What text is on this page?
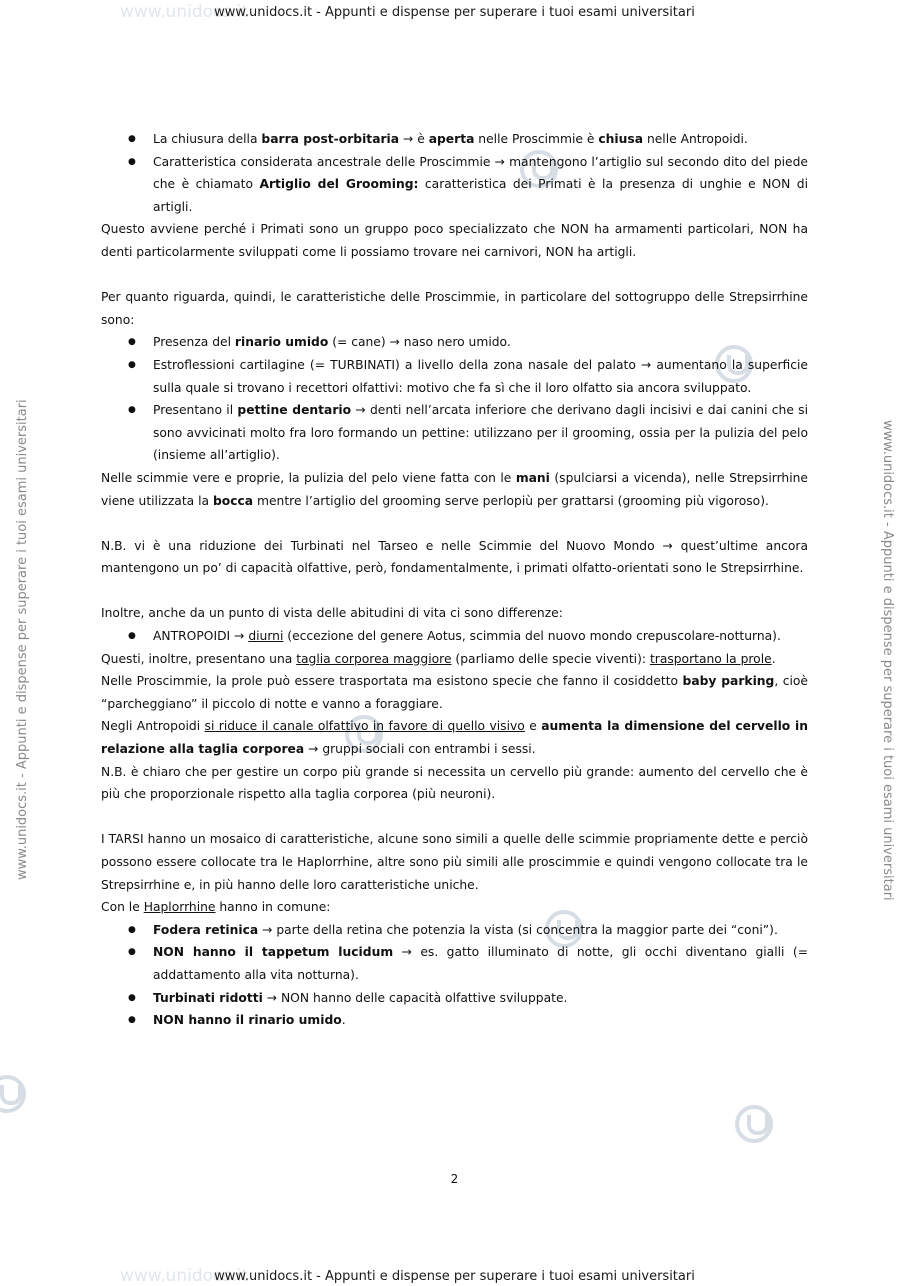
www.unidocs.it
www.unidocs.it
www.unidocs.it - Appunti e dispense per superare i tuoi esami universitari
www.unidocs.it - Appunti e dispense per superare i tuoi esami universitari
www.unidocs.it - Appunti e dispense per superare i tuoi esami universitari	www.unidocs.it - Appunti e dispense per superare i tuoi esami universitari
● La chiusura della barra post-orbitaria → è aperta nelle Proscimmie è chiusa nelle Antropoidi.
● Caratteristica considerata ancestrale delle Proscimmie → mantengono l’artiglio sul secondo dito del piede che è chiamato Artiglio del Grooming: caratteristica dei Primati è la presenza di unghie e NON di artigli.

Questo avviene perché i Primati sono un gruppo poco specializzato che NON ha armamenti particolari, NON ha denti particolarmente sviluppati come li possiamo trovare nei carnivori, NON ha artigli.

Per quanto riguarda, quindi, le caratteristiche delle Proscimmie, in particolare del sottogruppo delle Strepsirrhine sono:

● Presenza del rinario umido (= cane) → naso nero umido.
● Estroflessioni cartilagine (= TURBINATI) a livello della zona nasale del palato → aumentano la superficie sulla quale si trovano i recettori olfattivi: motivo che fa sì che il loro olfatto sia ancora sviluppato.
● Presentano il pettine dentario → denti nell’arcata inferiore che derivano dagli incisivi e dai canini che si sono avvicinati molto fra loro formando un pettine: utilizzano per il grooming, ossia per la pulizia del pelo (insieme all’artiglio).

Nelle scimmie vere e proprie, la pulizia del pelo viene fatta con le mani (spulciarsi a vicenda), nelle Strepsirrhine viene utilizzata la bocca mentre l’artiglio del grooming serve perlopiù per grattarsi (grooming più vigoroso).

N.B. vi è una riduzione dei Turbinati nel Tarseo e nelle Scimmie del Nuovo Mondo → quest’ultime ancora mantengono un po’ di capacità olfattive, però, fondamentalmente, i primati olfatto-orientati sono le Strepsirrhine.

Inoltre, anche da un punto di vista delle abitudini di vita ci sono differenze:

● ANTROPOIDI → diurni (eccezione del genere Aotus, scimmia del nuovo mondo crepuscolare-notturna).

Questi, inoltre, presentano una taglia corporea maggiore (parliamo delle specie viventi): trasportano la prole.

Nelle Proscimmie, la prole può essere trasportata ma esistono specie che fanno il cosiddetto baby parking, cioè “parcheggiano” il piccolo di notte e vanno a foraggiare.

Negli Antropoidi si riduce il canale olfattivo in favore di quello visivo e aumenta la dimensione del cervello in relazione alla taglia corporea → gruppi sociali con entrambi i sessi.

N.B. è chiaro che per gestire un corpo più grande si necessita un cervello più grande: aumento del cervello che è più che proporzionale rispetto alla taglia corporea (più neuroni).

I TARSI hanno un mosaico di caratteristiche, alcune sono simili a quelle delle scimmie propriamente dette e perciò possono essere collocate tra le Haplorrhine, altre sono più simili alle proscimmie e quindi vengono collocate tra le Strepsirrhine e, in più hanno delle loro caratteristiche uniche.

Con le Haplorrhine hanno in comune:

● Fodera retinica → parte della retina che potenzia la vista (si concentra la maggior parte dei “coni”).
● NON hanno il tappetum lucidum → es. gatto illuminato di notte, gli occhi diventano gialli (= addattamento alla vita notturna).
● Turbinati ridotti → NON hanno delle capacità olfattive sviluppate.
● NON hanno il rinario umido.
2
